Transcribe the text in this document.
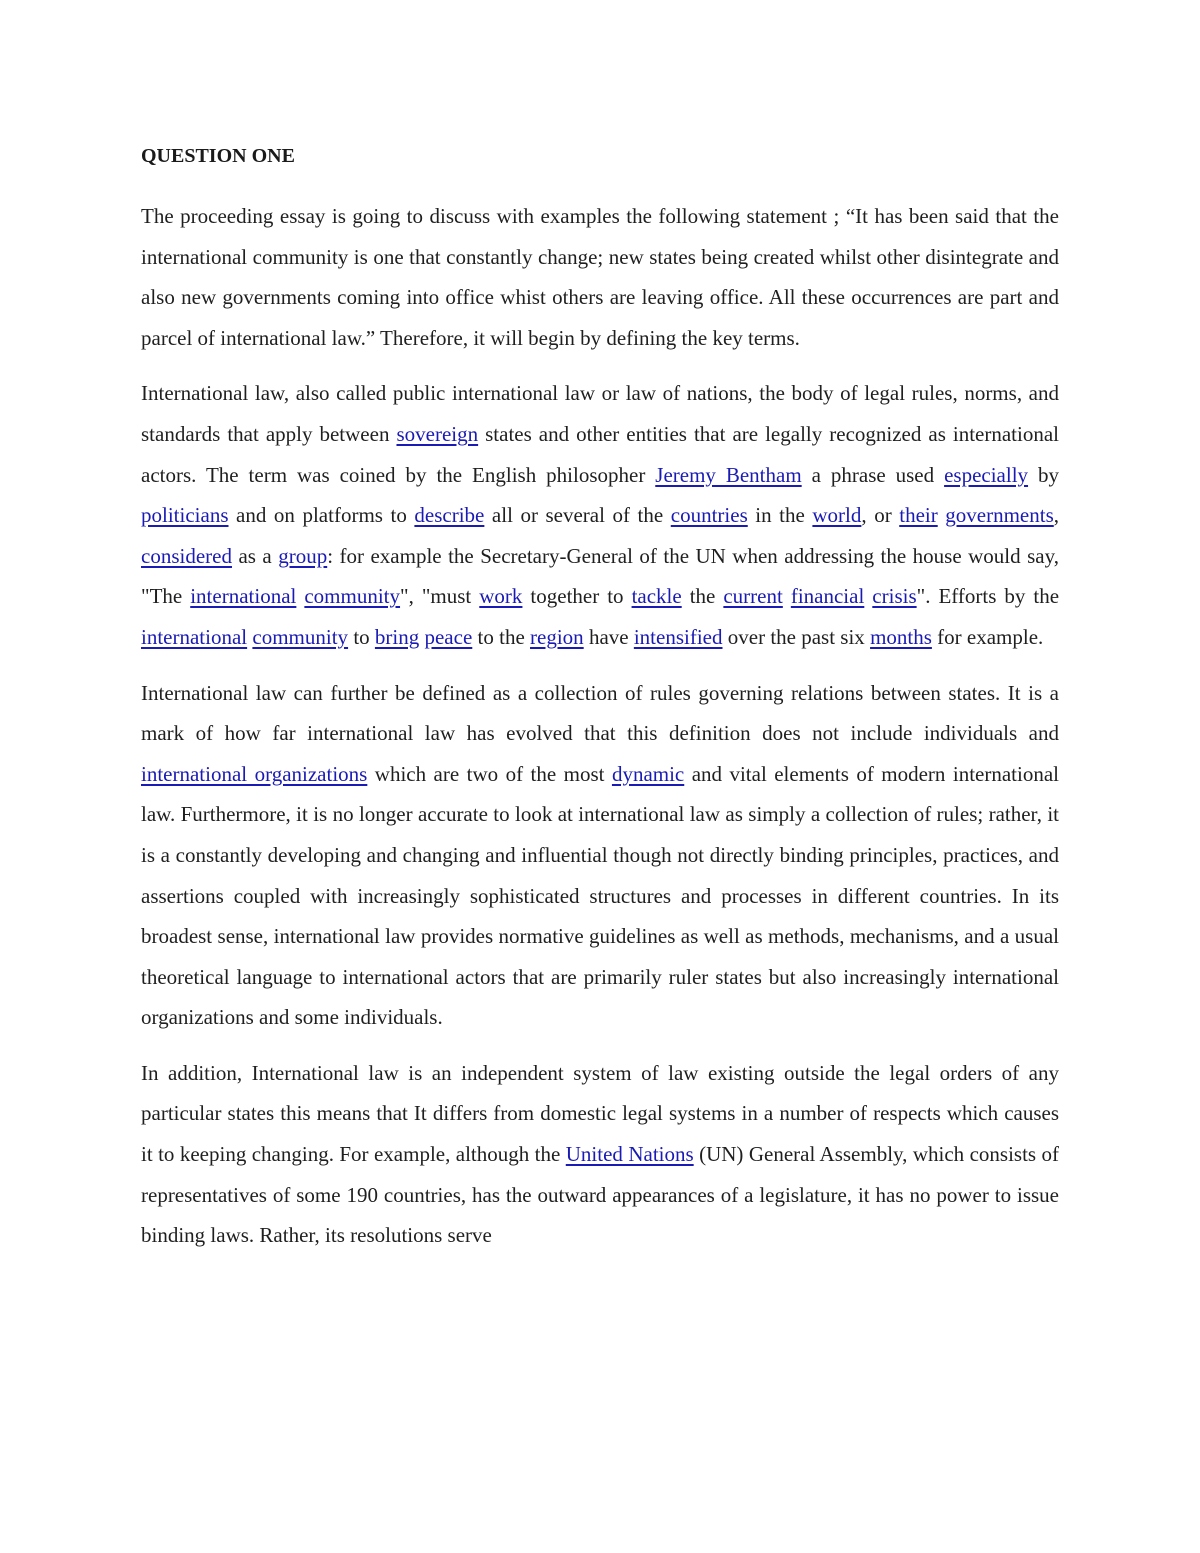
QUESTION ONE

The proceeding essay is going to discuss with examples the following statement ; “It has been said that the international community is one that constantly change; new states being created whilst other disintegrate and also new governments coming into office whist others are leaving office. All these occurrences are part and parcel of international law.” Therefore, it will begin by defining the key terms.

International law, also called public international law or law of nations, the body of legal rules, norms, and standards that apply between sovereign states and other entities that are legally recognized as international actors. The term was coined by the English philosopher Jeremy Bentham a phrase used especially by politicians and on platforms to describe all or several of the countries in the world, or their governments, considered as a group: for example the Secretary-General of the UN when addressing the house would say, "The international community", "must work together to tackle the current financial crisis". Efforts by the international community to bring peace to the region have intensified over the past six months for example.

International law can further be defined as a collection of rules governing relations between states. It is a mark of how far international law has evolved that this definition does not include individuals and international organizations which are two of the most dynamic and vital elements of modern international law. Furthermore, it is no longer accurate to look at international law as simply a collection of rules; rather, it is a constantly developing and changing and influential though not directly binding principles, practices, and assertions coupled with increasingly sophisticated structures and processes in different countries. In its broadest sense, international law provides normative guidelines as well as methods, mechanisms, and a usual theoretical language to international actors that are primarily ruler states but also increasingly international organizations and some individuals.

In addition, International law is an independent system of law existing outside the legal orders of any particular states this means that It differs from domestic legal systems in a number of respects which causes it to keeping changing. For example, although the United Nations (UN) General Assembly, which consists of representatives of some 190 countries, has the outward appearances of a legislature, it has no power to issue binding laws. Rather, its resolutions serve
